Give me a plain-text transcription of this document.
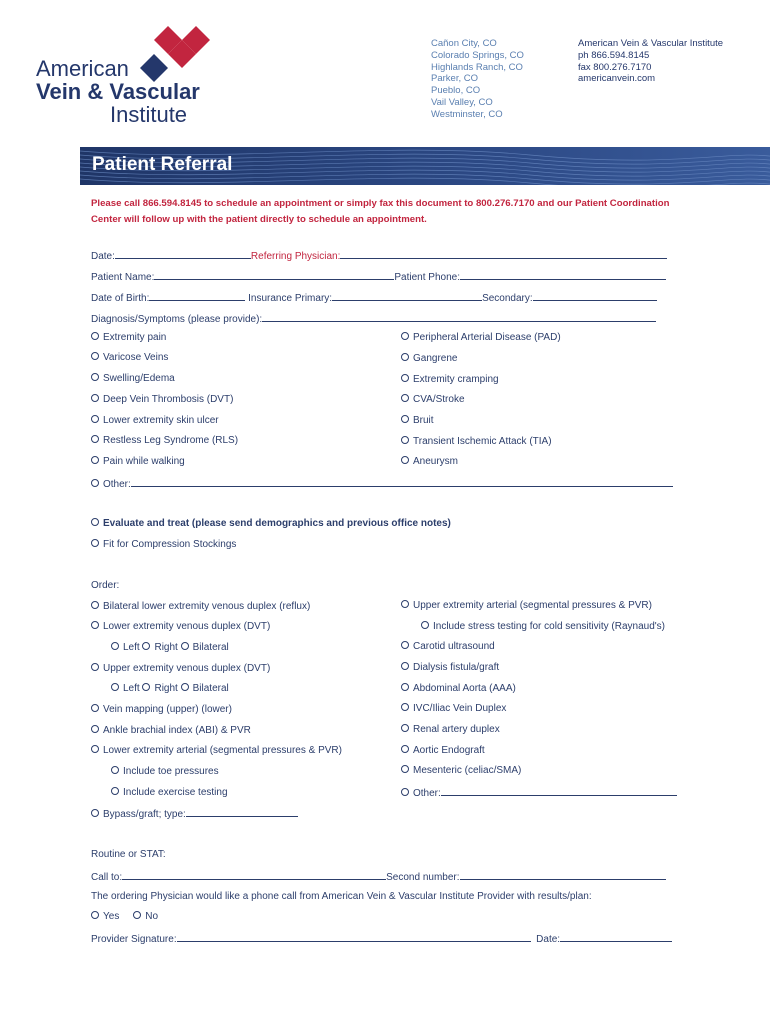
American
Vein & Vascular
Institute
Cañon City, CO
Colorado Springs, CO
Highlands Ranch, CO
Parker, CO
Pueblo, CO
Vail Valley, CO
Westminster, CO
American Vein & Vascular Institute
ph 866.594.8145
fax 800.276.7170
americanvein.com
Patient Referral
Please call 866.594.8145 to schedule an appointment or simply fax this document to 800.276.7170 and our Patient Coordination Center will follow up with the patient directly to schedule an appointment.
Date:	Referring Physician:
Patient Name:	Patient Phone:
Date of Birth:	Insurance Primary:	Secondary:
Diagnosis/Symptoms (please provide):
Extremity pain
Varicose Veins
Swelling/Edema
Deep Vein Thrombosis (DVT)
Lower extremity skin ulcer
Restless Leg Syndrome (RLS)
Pain while walking
Peripheral Arterial Disease (PAD)
Gangrene
Extremity cramping
CVA/Stroke
Bruit
Transient Ischemic Attack (TIA)
Aneurysm
Other:
Evaluate and treat (please send demographics and previous office notes)
Fit for Compression Stockings
Order:
Bilateral lower extremity venous duplex (reflux)
Lower extremity venous duplex (DVT)
Left Right Bilateral
Upper extremity venous duplex (DVT)
Left Right Bilateral
Vein mapping (upper) (lower)
Ankle brachial index (ABI) & PVR
Lower extremity arterial (segmental pressures & PVR)
Include toe pressures
Include exercise testing
Bypass/graft; type:
Upper extremity arterial (segmental pressures & PVR)
Include stress testing for cold sensitivity (Raynaud's)
Carotid ultrasound
Dialysis fistula/graft
Abdominal Aorta (AAA)
IVC/Iliac Vein Duplex
Renal artery duplex
Aortic Endograft
Mesenteric (celiac/SMA)
Other:
Routine or STAT:
Call to:	Second number:
The ordering Physician would like a phone call from American Vein & Vascular Institute Provider with results/plan:
Yes	No
Provider Signature:	Date:
